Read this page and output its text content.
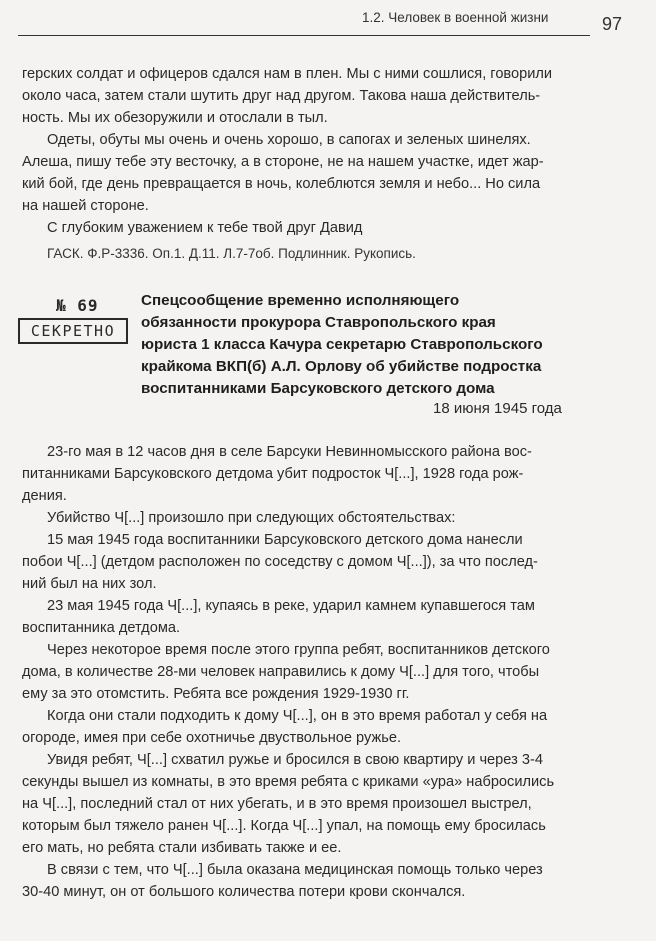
1.2. Человек в военной жизни	97

герских солдат и офицеров сдался нам в плен. Мы с ними сошлися, говорили
около часа, затем стали шутить друг над другом. Такова наша действитель-
ность. Мы их обезоружили и отослали в тыл.

Одеты, обуты мы очень и очень хорошо, в сапогах и зеленых шинелях.
Алеша, пишу тебе эту весточку, а в стороне, не на нашем участке, идет жар-
кий бой, где день превращается в ночь, колеблются земля и небо... Но сила
на нашей стороне.

С глубоким уважением к тебе твой друг Давид

ГАСК. Ф.Р-3336. Оп.1. Д.11. Л.7-7об. Подлинник. Рукопись.
№ 69
СЕКРЕТНО
Спецсообщение временно исполняющего
обязанности прокурора Ставропольского края
юриста 1 класса Качура секретарю Ставропольского
крайкома ВКП(б) А.Л. Орлову об убийстве подростка
воспитанниками Барсуковского детского дома
18 июня 1945 года

23-го мая в 12 часов дня в селе Барсуки Невинномысского района вос-
питанниками Барсуковского детдома убит подросток Ч[...], 1928 года рож-
дения.

Убийство Ч[...] произошло при следующих обстоятельствах:

15 мая 1945 года воспитанники Барсуковского детского дома нанесли
побои Ч[...] (детдом расположен по соседству с домом Ч[...]), за что послед-
ний был на них зол.

23 мая 1945 года Ч[...], купаясь в реке, ударил камнем купавшегося там
воспитанника детдома.

Через некоторое время после этого группа ребят, воспитанников детского
дома, в количестве 28-ми человек направились к дому Ч[...] для того, чтобы
ему за это отомстить. Ребята все рождения 1929-1930 гг.

Когда они стали подходить к дому Ч[...], он в это время работал у себя на
огороде, имея при себе охотничье двуствольное ружье.

Увидя ребят, Ч[...] схватил ружье и бросился в свою квартиру и через 3-4
секунды вышел из комнаты, в это время ребята с криками «ура» набросились
на Ч[...], последний стал от них убегать, и в это время произошел выстрел,
которым был тяжело ранен Ч[...]. Когда Ч[...] упал, на помощь ему бросилась
его мать, но ребята стали избивать также и ее.

В связи с тем, что Ч[...] была оказана медицинская помощь только через
30-40 минут, он от большого количества потери крови скончался.
